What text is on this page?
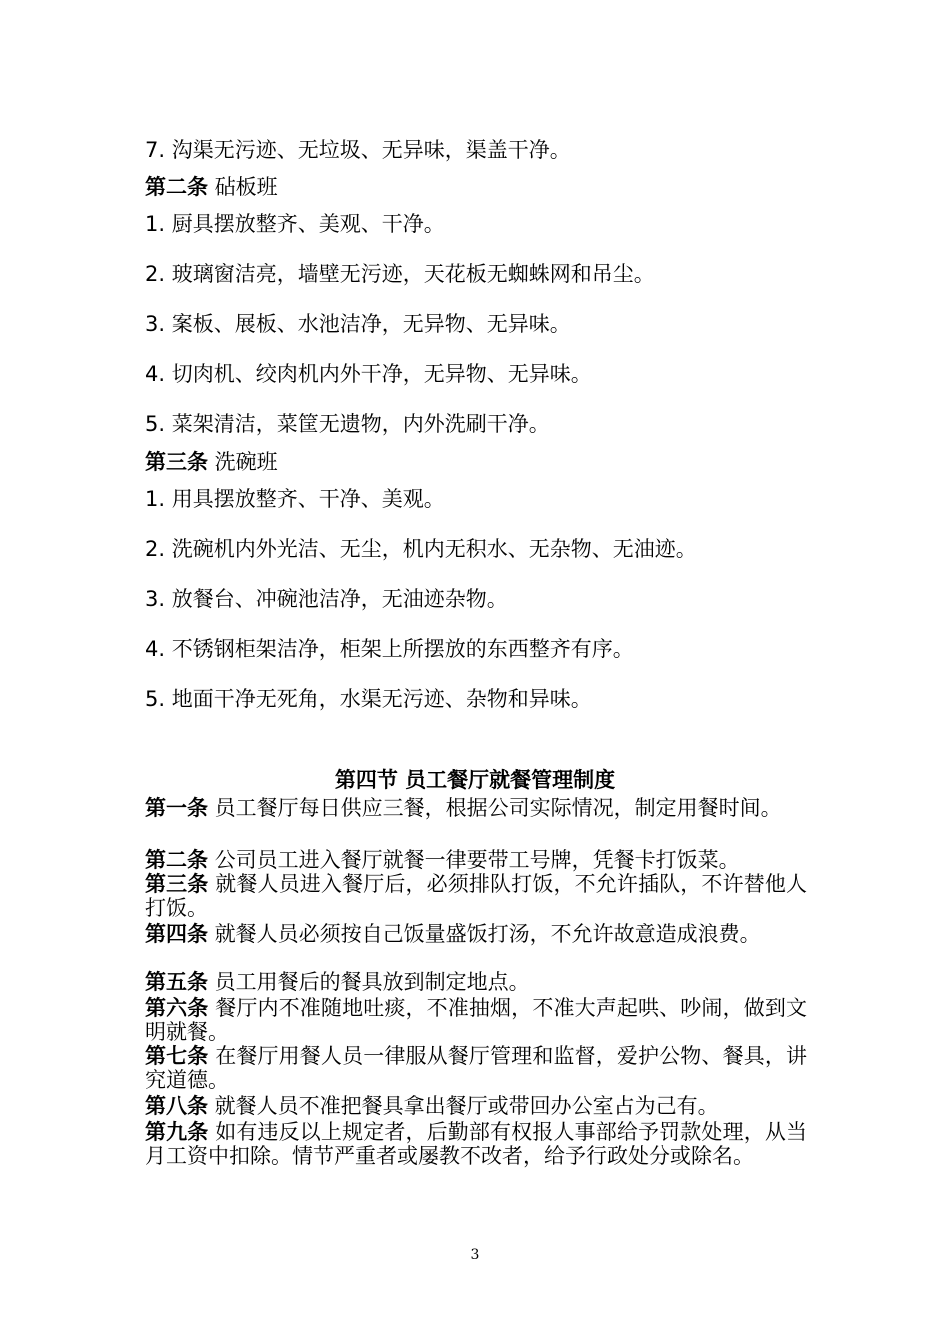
7. 沟渠无污迹、无垃圾、无异味，渠盖干净。
第二条 砧板班
1. 厨具摆放整齐、美观、干净。
2. 玻璃窗洁亮，墙壁无污迹，天花板无蜘蛛网和吊尘。
3. 案板、展板、水池洁净，无异物、无异味。
4. 切肉机、绞肉机内外干净，无异物、无异味。
5. 菜架清洁，菜筐无遗物，内外洗刷干净。
第三条 洗碗班
1. 用具摆放整齐、干净、美观。
2. 洗碗机内外光洁、无尘，机内无积水、无杂物、无油迹。
3. 放餐台、冲碗池洁净，无油迹杂物。
4. 不锈钢柜架洁净，柜架上所摆放的东西整齐有序。
5. 地面干净无死角，水渠无污迹、杂物和异味。
第四节 员工餐厅就餐管理制度
第一条 员工餐厅每日供应三餐，根据公司实际情况，制定用餐时间。
第二条 公司员工进入餐厅就餐一律要带工号牌，凭餐卡打饭菜。
第三条 就餐人员进入餐厅后，必须排队打饭，不允许插队，不许替他人打饭。
第四条 就餐人员必须按自己饭量盛饭打汤，不允许故意造成浪费。
第五条 员工用餐后的餐具放到制定地点。
第六条 餐厅内不准随地吐痰，不准抽烟，不准大声起哄、吵闹，做到文明就餐。
第七条 在餐厅用餐人员一律服从餐厅管理和监督，爱护公物、餐具，讲究道德。
第八条 就餐人员不准把餐具拿出餐厅或带回办公室占为己有。
第九条 如有违反以上规定者，后勤部有权报人事部给予罚款处理，从当月工资中扣除。情节严重者或屡教不改者，给予行政处分或除名。
3
